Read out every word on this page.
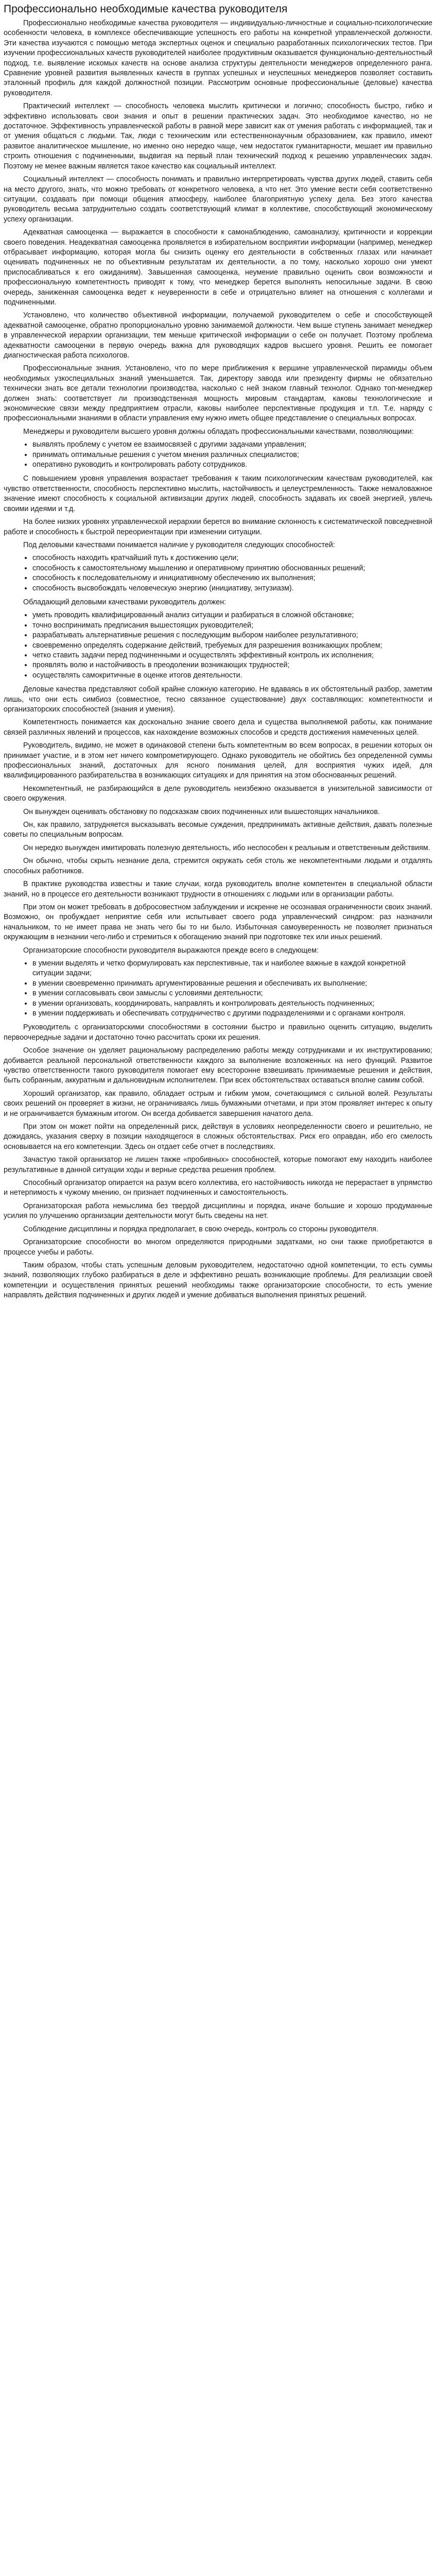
Профессионально необходимые качества руководителя

Профессионально необходимые качества руководителя — индивидуально-личностные и социально-психологические особенности человека, в комплексе обеспечивающие успешность его работы на конкретной управленческой должности. Эти качества изучаются с помощью метода экспертных оценок и специально разработанных психологических тестов. При изучении профессиональных качеств руководителей наиболее продуктивным оказывается функционально-деятельностный подход, т.е. выявление искомых качеств на основе анализа структуры деятельности менеджеров определенного ранга. Сравнение уровней развития выявленных качеств в группах успешных и неуспешных менеджеров позволяет составить эталонный профиль для каждой должностной позиции. Рассмотрим основные профессиональные (деловые) качества руководителя.

Практический интеллект — способность человека мыслить критически и логично; способность быстро, гибко и эффективно использовать свои знания и опыт в решении практических задач. Это необходимое качество, но не достаточное. Эффективность управленческой работы в равной мере зависит как от умения работать с информацией, так и от умения общаться с людьми. Так, люди с техническим или естественнонаучным образованием, как правило, имеют развитое аналитическое мышление, но именно оно нередко чаще, чем недостаток гуманитарности, мешает им правильно строить отношения с подчиненными, выдвигая на первый план технический подход к решению управленческих задач. Поэтому не менее важным является такое качество как социальный интеллект.

Социальный интеллект — способность понимать и правильно интерпретировать чувства других людей, ставить себя на место другого, знать, что можно требовать от конкретного человека, а что нет. Это умение вести себя соответственно ситуации, создавать при помощи общения атмосферу, наиболее благоприятную успеху дела. Без этого качества руководитель весьма затруднительно создать соответствующий климат в коллективе, способствующий экономическому успеху организации.

Адекватная самооценка — выражается в способности к самонаблюдению, самоанализу, критичности и коррекции своего поведения. Неадекватная самооценка проявляется в избирательном восприятии информации (например, менеджер отбрасывает информацию, которая могла бы снизить оценку его деятельности в собственных глазах или начинает оценивать подчиненных не по объективным результатам их деятельности, а по тому, насколько хорошо они умеют приспосабливаться к его ожиданиям). Завышенная самооценка, неумение правильно оценить свои возможности и профессиональную компетентность приводят к тому, что менеджер берется выполнять непосильные задачи. В свою очередь, заниженная самооценка ведет к неуверенности в себе и отрицательно влияет на отношения с коллегами и подчиненными.

Установлено, что количество объективной информации, получаемой руководителем о себе и способствующей адекватной самооценке, обратно пропорционально уровню занимаемой должности. Чем выше ступень занимает менеджер в управленческой иерархии организации, тем меньше критической информации о себе он получает. Поэтому проблема адекватности самооценки в первую очередь важна для руководящих кадров высшего уровня. Решить ее помогает диагностическая работа психологов.

Профессиональные знания. Установлено, что по мере приближения к вершине управленческой пирамиды объем необходимых узкоспециальных знаний уменьшается. Так, директору завода или президенту фирмы не обязательно технически знать все детали технологии производства, насколько с ней знаком главный технолог. Однако топ-менеджер должен знать: соответствует ли производственная мощность мировым стандартам, каковы технологические и экономические связи между предприятием отрасли, каковы наиболее перспективные продукция и т.п. Т.е. наряду с профессиональными знаниями в области управления ему нужно иметь общее представление о специальных вопросах.

Менеджеры и руководители высшего уровня должны обладать профессиональными качествами, позволяющими:

• выявлять проблему с учетом ее взаимосвязей с другими задачами управления;
• принимать оптимальные решения с учетом мнения различных специалистов;
• оперативно руководить и контролировать работу сотрудников.

С повышением уровня управления возрастает требования к таким психологическим качествам руководителей, как чувство ответственности, способность перспективно мыслить, настойчивость и целеустремленность. Также немаловажное значение имеют способность к социальной активизации других людей, способность задавать их своей энергией, увлечь своими идеями и т.д.

На более низких уровнях управленческой иерархии берется во внимание склонность к систематической повседневной работе и способность к быстрой переориентации при изменении ситуации.

Под деловыми качествами понимается наличие у руководителя следующих способностей:

• способность находить кратчайший путь к достижению цели;
• способность к самостоятельному мышлению и оперативному принятию обоснованных решений;
• способность к последовательному и инициативному обеспечению их выполнения;
• способность высвобождать человеческую энергию (инициативу, энтузиазм).

Обладающий деловыми качествами руководитель должен:

• уметь проводить квалифицированный анализ ситуации и разбираться в сложной обстановке;
• точно воспринимать предписания вышестоящих руководителей;
• разрабатывать альтернативные решения с последующим выбором наиболее результативного;
• своевременно определять содержание действий, требуемых для разрешения возникающих проблем;
• четко ставить задачи перед подчиненными и осуществлять эффективный контроль их исполнения;
• проявлять волю и настойчивость в преодолении возникающих трудностей;
• осуществлять самокритичные в оценке итогов деятельности.

Деловые качества представляют собой крайне сложную категорию. Не вдаваясь в их обстоятельный разбор, заметим лишь, что они есть симбиоз (совместное, тесно связанное существование) двух составляющих: компетентности и организаторских способностей (знания и умения).

Компетентность понимается как досконально знание своего дела и существа выполняемой работы, как понимание связей различных явлений и процессов, как нахождение возможных способов и средств достижения намеченных целей.

Руководитель, видимо, не может в одинаковой степени быть компетентным во всем вопросах, в решении которых он принимает участие, и в этом нет ничего компрометирующего. Однако руководитель не обойтись без определенной суммы профессиональных знаний, достаточных для ясного понимания целей, для восприятия чужих идей, для квалифицированного разбирательства в возникающих ситуациях и для принятия на этом обоснованных решений.

Некомпетентный, не разбирающийся в деле руководитель неизбежно оказывается в унизительной зависимости от своего окружения.

Он вынужден оценивать обстановку по подсказкам своих подчиненных или вышестоящих начальников.

Он, как правило, затрудняется высказывать весомые суждения, предпринимать активные действия, давать полезные советы по специальным вопросам.

Он нередко вынужден имитировать полезную деятельность, ибо неспособен к реальным и ответственным действиям.

Он обычно, чтобы скрыть незнание дела, стремится окружать себя столь же некомпетентными людьми и отдалять способных работников.

В практике руководства известны и такие случаи, когда руководитель вполне компетентен в специальной области знаний, но в процессе его деятельности возникают трудности в отношениях с людьми или в организации работы.

При этом он может требовать в добросовестном заблуждении и искренне не осознавая ограниченности своих знаний. Возможно, он пробуждает неприятие себя или испытывает своего рода управленческий синдром: раз назначили начальником, то не имеет права не знать чего бы то ни было. Избыточная самоуверенность не позволяет признаться окружающим в незнании чего-либо и стремиться к обогащению знаний при подготовке тех или иных решений.

Организаторские способности руководителя выражаются прежде всего в следующем:

• в умении выделять и четко формулировать как перспективные, так и наиболее важные в каждой конкретной ситуации задачи;
• в умении своевременно принимать аргументированные решения и обеспечивать их выполнение;
• в умении согласовывать свои замыслы с условиями деятельности;
• в умении организовать, координировать, направлять и контролировать деятельность подчиненных;
• в умении поддерживать и обеспечивать сотрудничество с другими подразделениями и с органами контроля.

Руководитель с организаторскими способностями в состоянии быстро и правильно оценить ситуацию, выделить первоочередные задачи и достаточно точно рассчитать сроки их решения.

Особое значение он уделяет рациональному распределению работы между сотрудниками и их инструктированию; добивается реальной персональной ответственности каждого за выполнение возложенных на него функций. Развитое чувство ответственности такого руководителя помогает ему всесторонне взвешивать принимаемые решения и действия, быть собранным, аккуратным и дальновидным исполнителем. При всех обстоятельствах оставаться вполне самим собой.

Хороший организатор, как правило, обладает острым и гибким умом, сочетающимся с сильной волей. Результаты своих решений он проверяет в жизни, не ограничиваясь лишь бумажными отчетами, и при этом проявляет интерес к опыту и не ограничивается бумажным итогом. Он всегда добивается завершения начатого дела.

При этом он может пойти на определенный риск, действуя в условиях неопределенности своего и решительно, не дожидаясь, указания сверху в позиции находящегося в сложных обстоятельствах. Риск его оправдан, ибо его смелость основывается на его компетенции. Здесь он отдает себе отчет в последствиях.

Зачастую такой организатор не лишен также «пробивных» способностей, которые помогают ему находить наиболее результативные в данной ситуации ходы и верные средства решения проблем.

Способный организатор опирается на разум всего коллектива, его настойчивость никогда не перерастает в упрямство и нетерпимость к чужому мнению, он признает подчиненных и самостоятельность.

Организаторская работа немыслима без твердой дисциплины и порядка, иначе большие и хорошо продуманные усилия по улучшению организации деятельности могут быть сведены на нет.

Соблюдение дисциплины и порядка предполагает, в свою очередь, контроль со стороны руководителя.

Организаторские способности во многом определяются природными задатками, но они также приобретаются в процессе учебы и работы.

Таким образом, чтобы стать успешным деловым руководителем, недостаточно одной компетенции, то есть суммы знаний, позволяющих глубоко разбираться в деле и эффективно решать возникающие проблемы. Для реализации своей компетенции и осуществления принятых решений необходимы также организаторские способности, то есть умение направлять действия подчиненных и других людей и умение добиваться выполнения принятых решений.
